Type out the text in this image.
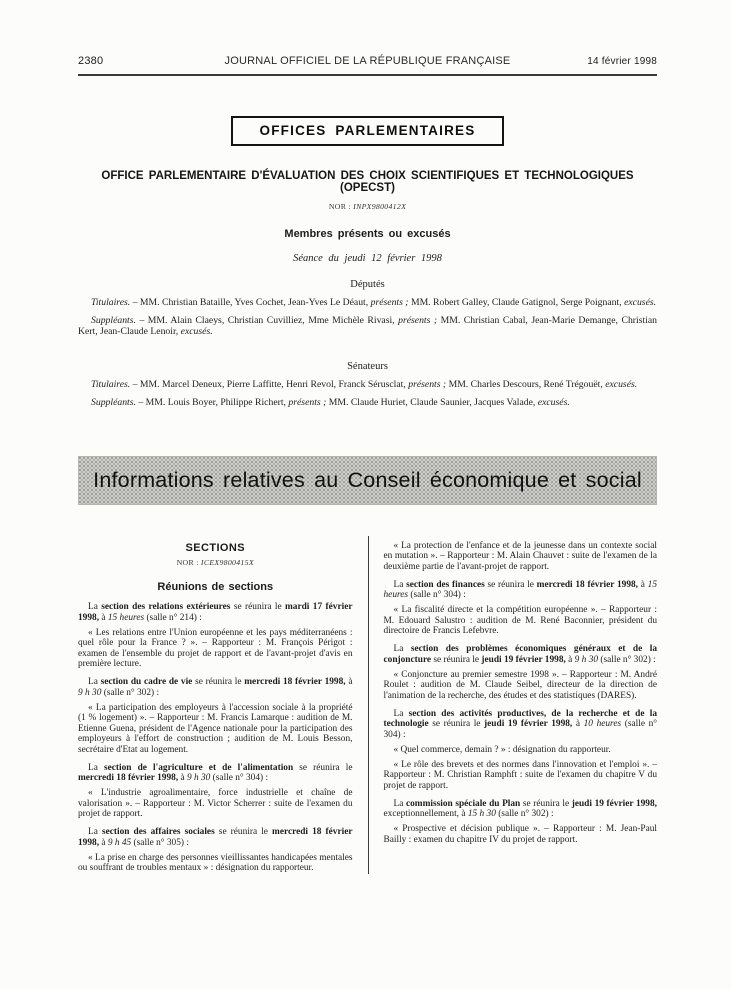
2380	JOURNAL OFFICIEL DE LA RÉPUBLIQUE FRANÇAISE	14 février 1998
OFFICES PARLEMENTAIRES
OFFICE PARLEMENTAIRE D'ÉVALUATION DES CHOIX SCIENTIFIQUES ET TECHNOLOGIQUES (OPECST)

NOR : INPX9800412X

Membres présents ou excusés

Séance du jeudi 12 février 1998

Députés

Titulaires. – MM. Christian Bataille, Yves Cochet, Jean-Yves Le Déaut, présents ; MM. Robert Galley, Claude Gatignol, Serge Poignant, excusés.

Suppléants. – MM. Alain Claeys, Christian Cuvilliez, Mme Michèle Rivasi, présents ; MM. Christian Cabal, Jean-Marie Demange, Christian Kert, Jean-Claude Lenoir, excusés.

Sénateurs

Titulaires. – MM. Marcel Deneux, Pierre Laffitte, Henri Revol, Franck Sérusclat, présents ; MM. Charles Descours, René Trégouët, excusés.

Suppléants. – MM. Louis Boyer, Philippe Richert, présents ; MM. Claude Huriet, Claude Saunier, Jacques Valade, excusés.

Informations relatives au Conseil économique et social
SECTIONS

NOR : ICEX9800415X

Réunions de sections

La section des relations extérieures se réunira le mardi 17 février 1998, à 15 heures (salle n° 214) :

« Les relations entre l'Union européenne et les pays méditerranéens : quel rôle pour la France ? ». – Rapporteur : M. François Périgot : examen de l'ensemble du projet de rapport et de l'avant-projet d'avis en première lecture.

La section du cadre de vie se réunira le mercredi 18 février 1998, à 9 h 30 (salle n° 302) :

« La participation des employeurs à l'accession sociale à la propriété (1 % logement) ». – Rapporteur : M. Francis Lamarque : audition de M. Etienne Guena, président de l'Agence nationale pour la participation des employeurs à l'effort de construction ; audition de M. Louis Besson, secrétaire d'Etat au logement.

La section de l'agriculture et de l'alimentation se réunira le mercredi 18 février 1998, à 9 h 30 (salle n° 304) :

« L'industrie agroalimentaire, force industrielle et chaîne de valorisation ». – Rapporteur : M. Victor Scherrer : suite de l'examen du projet de rapport.

La section des affaires sociales se réunira le mercredi 18 février 1998, à 9 h 45 (salle n° 305) :

« La prise en charge des personnes vieillissantes handicapées mentales ou souffrant de troubles mentaux » : désignation du rapporteur.

« La protection de l'enfance et de la jeunesse dans un contexte social en mutation ». – Rapporteur : M. Alain Chauvet : suite de l'examen de la deuxième partie de l'avant-projet de rapport.

La section des finances se réunira le mercredi 18 février 1998, à 15 heures (salle n° 304) :

« La fiscalité directe et la compétition européenne ». – Rapporteur : M. Edouard Salustro : audition de M. René Baconnier, président du directoire de Francis Lefebvre.

La section des problèmes économiques généraux et de la conjoncture se réunira le jeudi 19 février 1998, à 9 h 30 (salle n° 302) :

« Conjoncture au premier semestre 1998 ». – Rapporteur : M. André Roulet : audition de M. Claude Seibel, directeur de la direction de l'animation de la recherche, des études et des statistiques (DARES).

La section des activités productives, de la recherche et de la technologie se réunira le jeudi 19 février 1998, à 10 heures (salle n° 304) :

« Quel commerce, demain ? » : désignation du rapporteur.

« Le rôle des brevets et des normes dans l'innovation et l'emploi ». – Rapporteur : M. Christian Ramphft : suite de l'examen du chapitre V du projet de rapport.

La commission spéciale du Plan se réunira le jeudi 19 février 1998, exceptionnellement, à 15 h 30 (salle n° 302) :

« Prospective et décision publique ». – Rapporteur : M. Jean-Paul Bailly : examen du chapitre IV du projet de rapport.
